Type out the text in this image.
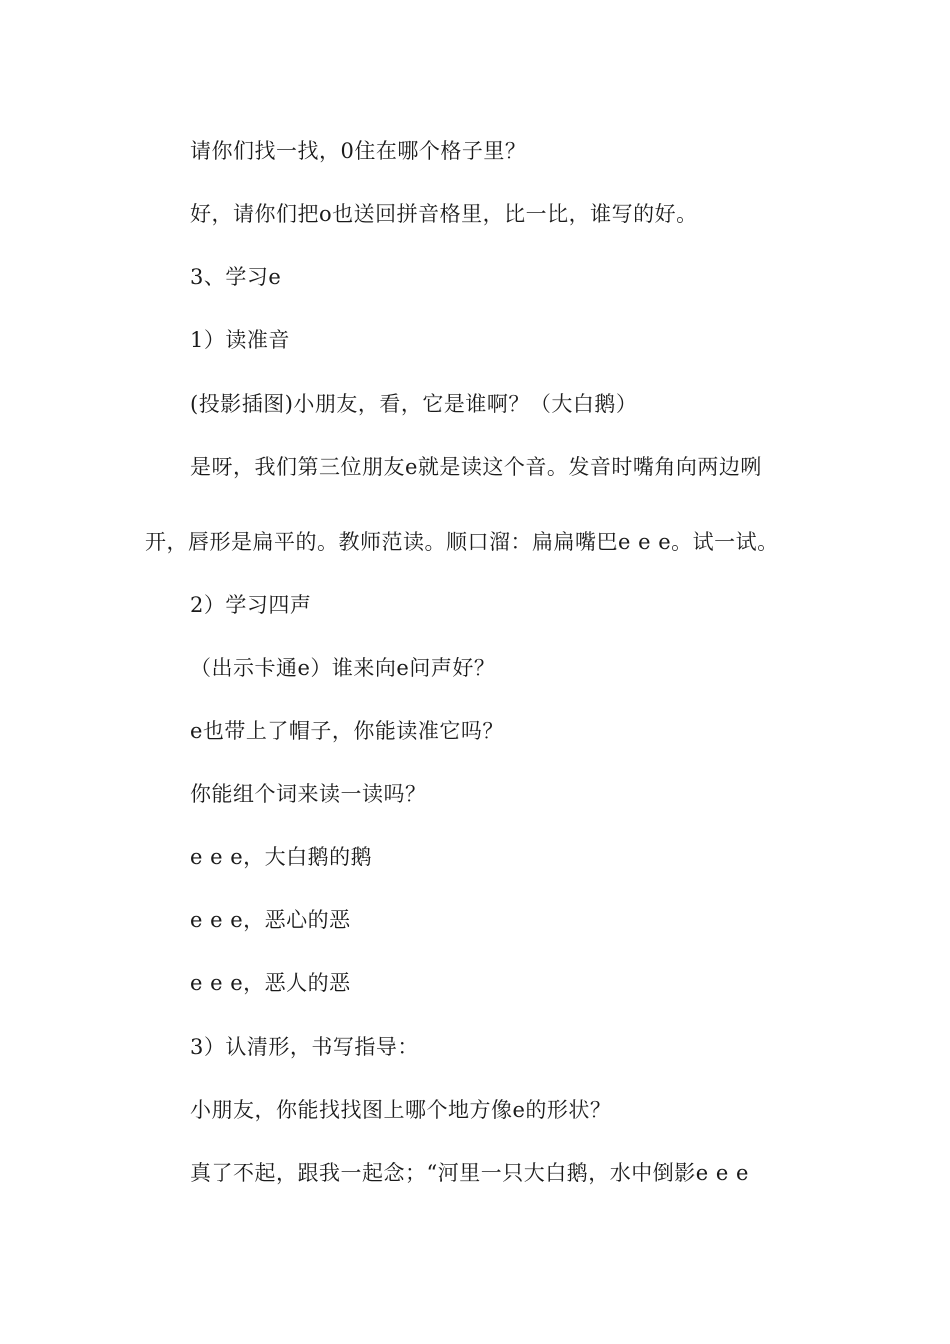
请你们找一找，0住在哪个格子里？
好，请你们把o也送回拼音格里，比一比，谁写的好。
3、学习e
1）读准音
(投影插图)小朋友，看，它是谁啊？（大白鹅）
是呀，我们第三位朋友e就是读这个音。发音时嘴角向两边咧
开，唇形是扁平的。教师范读。顺口溜：扁扁嘴巴e e e。试一试。
2）学习四声
（出示卡通e）谁来向e问声好？
e也带上了帽子，你能读准它吗？
你能组个词来读一读吗？
e e e，大白鹅的鹅
e e e，恶心的恶
e e e，恶人的恶
3）认清形，书写指导：
小朋友，你能找找图上哪个地方像e的形状？
真了不起，跟我一起念；“河里一只大白鹅，水中倒影e e e
